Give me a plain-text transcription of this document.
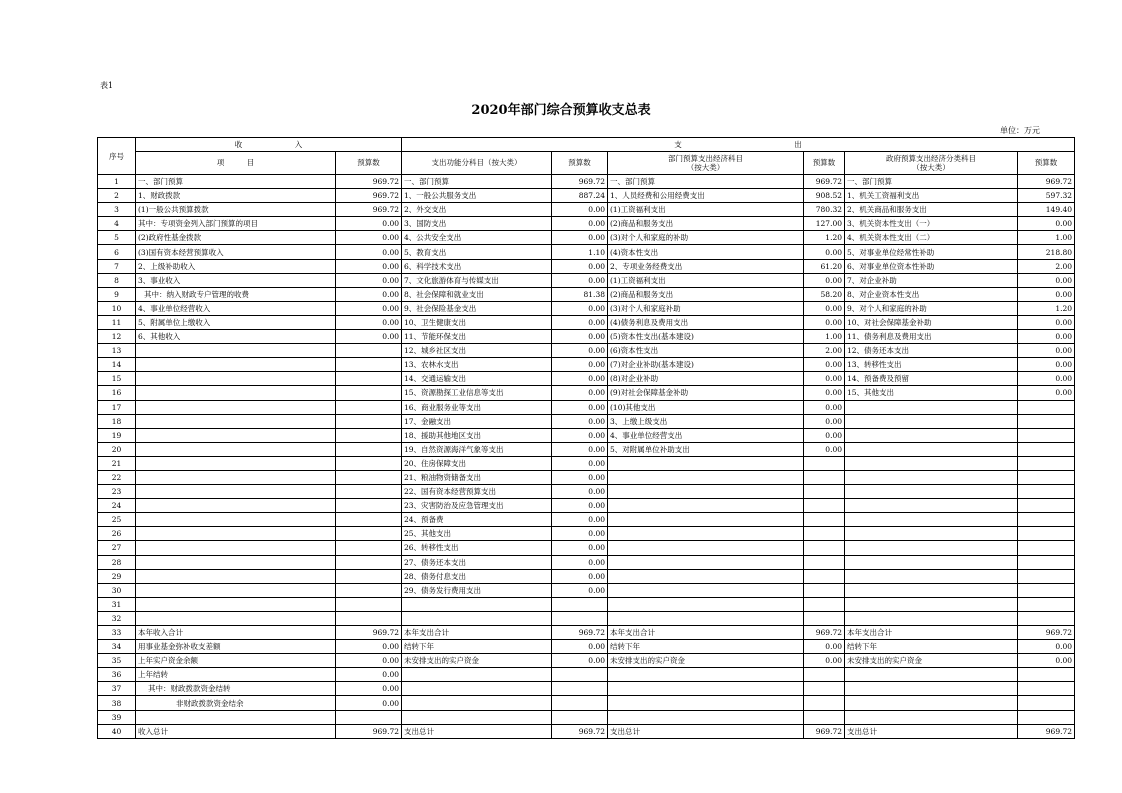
表1
2020年部门综合预算收支总表
单位：万元
序号	收　　　　　　　入		支　　　　　　　　　　　　　　　出					
	项　　　目	预算数	支出功能分科目（按大类）	预算数	部门预算支出经济科目
（按大类）	预算数	政府预算支出经济分类科目
（按大类）	预算数
1	一、部门预算	969.72	一、部门预算	969.72	一、部门预算	969.72	一、部门预算	969.72
2	1、财政拨款	969.72	1、一般公共服务支出	887.24	1、人员经费和公用经费支出	908.52	1、机关工资福利支出	597.32
3	(1)一般公共预算拨款	969.72	2、外交支出	0.00	(1)工资福利支出	780.32	2、机关商品和服务支出	149.40
4	其中：专项资金列入部门预算的项目	0.00	3、国防支出	0.00	(2)商品和服务支出	127.00	3、机关资本性支出（一）	0.00
5	(2)政府性基金拨款	0.00	4、公共安全支出	0.00	(3)对个人和家庭的补助	1.20	4、机关资本性支出（二）	1.00
6	(3)国有资本经营预算收入	0.00	5、教育支出	1.10	(4)资本性支出	0.00	5、对事业单位经常性补助	218.80
7	2、上级补助收入	0.00	6、科学技术支出	0.00	2、专项业务经费支出	61.20	6、对事业单位资本性补助	2.00
8	3、事业收入	0.00	7、文化旅游体育与传媒支出	0.00	(1)工资福利支出	0.00	7、对企业补助	0.00
9	其中：纳入财政专户管理的收费	0.00	8、社会保障和就业支出	81.38	(2)商品和服务支出	58.20	8、对企业资本性支出	0.00
10	4、事业单位经营收入	0.00	9、社会保险基金支出	0.00	(3)对个人和家庭补助	0.00	9、对个人和家庭的补助	1.20
11	5、附属单位上缴收入	0.00	10、卫生健康支出	0.00	(4)债务利息及费用支出	0.00	10、对社会保障基金补助	0.00
12	6、其他收入	0.00	11、节能环保支出	0.00	(5)资本性支出(基本建设)	1.00	11、债务利息及费用支出	0.00
13			12、城乡社区支出	0.00	(6)资本性支出	2.00	12、债务还本支出	0.00
14			13、农林水支出	0.00	(7)对企业补助(基本建设)	0.00	13、转移性支出	0.00
15			14、交通运输支出	0.00	(8)对企业补助	0.00	14、预备费及预留	0.00
16			15、资源勘探工业信息等支出	0.00	(9)对社会保障基金补助	0.00	15、其他支出	0.00
17			16、商业服务业等支出	0.00	(10)其他支出	0.00		
18			17、金融支出	0.00	3、上缴上级支出	0.00		
19			18、援助其他地区支出	0.00	4、事业单位经营支出	0.00		
20			19、自然资源海洋气象等支出	0.00	5、对附属单位补助支出	0.00		
21			20、住房保障支出	0.00				
22			21、粮油物资储备支出	0.00				
23			22、国有资本经营预算支出	0.00				
24			23、灾害防治及应急管理支出	0.00				
25			24、预备费	0.00				
26			25、其他支出	0.00				
27			26、转移性支出	0.00				
28			27、债务还本支出	0.00				
29			28、债务付息支出	0.00				
30			29、债务发行费用支出	0.00				
31								
32								
33	本年收入合计	969.72	本年支出合计	969.72	本年支出合计	969.72	本年支出合计	969.72
34	用事业基金弥补收支差额	0.00	结转下年	0.00	结转下年	0.00	结转下年	0.00
35	上年实户资金余额	0.00	未安排支出的实户资金	0.00	未安排支出的实户资金	0.00	未安排支出的实户资金	0.00
36	上年结转	0.00						
37	其中：财政拨款资金结转	0.00						
38	非财政拨款资金结余	0.00						
39								
40	收入总计	969.72	支出总计	969.72	支出总计	969.72	支出总计	969.72
